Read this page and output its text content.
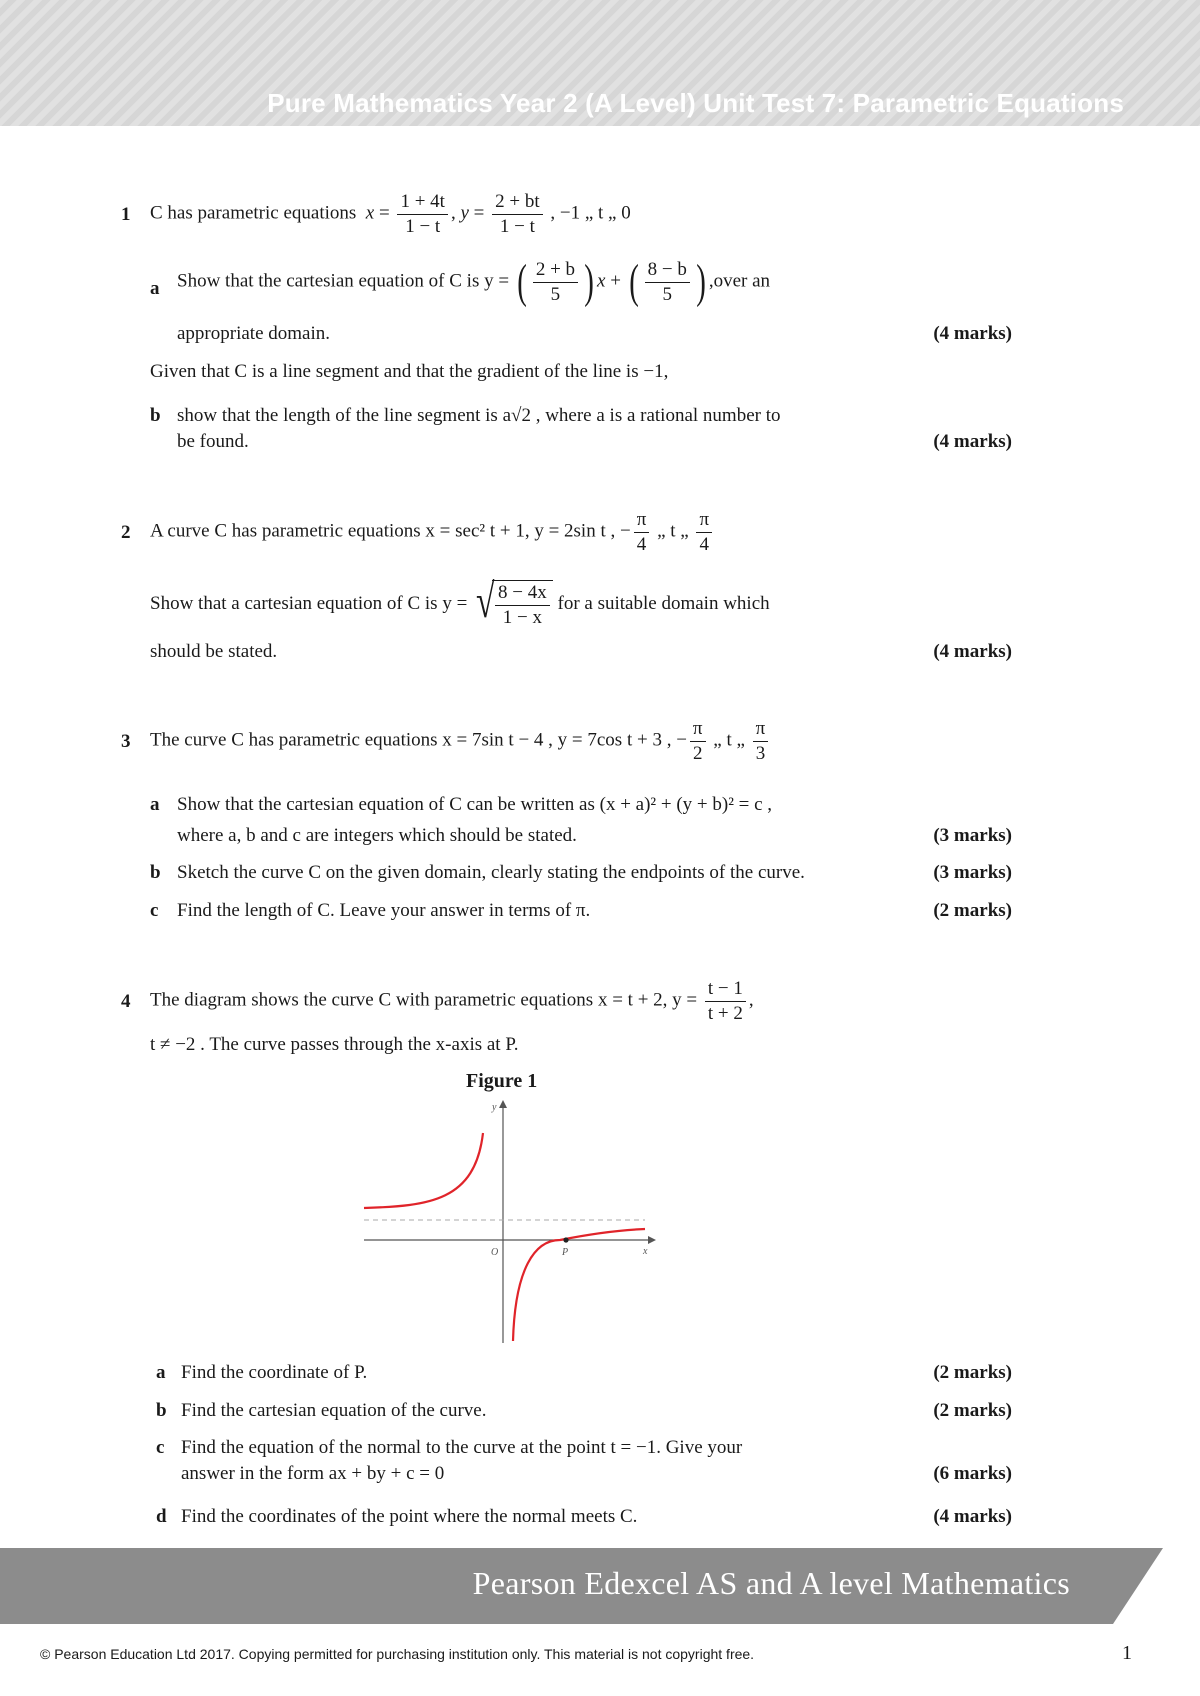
Pure Mathematics Year 2 (A Level) Unit Test 7: Parametric Equations
1 C has parametric equations $x = \frac{1 + 4t}{1 - t}$ , $y = \frac{2 + bt}{1 - t}$ , −1 „ t „ 0
a Show that the cartesian equation of C is y = ( $\frac{2 + b}{5}$ ) x + ( $\frac{8 - b}{5}$ ) ,over an
appropriate domain.	(4 marks)
Given that C is a line segment and that the gradient of the line is −1,
b show that the length of the line segment is a√2 , where a is a rational number to
be found.	(4 marks)
2 A curve C has parametric equations x = sec² t + 1, y = 2sin t , − $\frac{\pi}{4}$ „ t „ $\frac{\pi}{4}$
Show that a cartesian equation of C is y = √ $\frac{8 - 4x}{1 - x}$ for a suitable domain which
should be stated.	(4 marks)
3 The curve C has parametric equations x = 7sin t − 4 , y = 7cos t + 3 , − $\frac{\pi}{2}$ „ t „ $\frac{\pi}{3}$
a Show that the cartesian equation of C can be written as (x + a)² + (y + b)² = c ,
where a, b and c are integers which should be stated.	(3 marks)
b Sketch the curve C on the given domain, clearly stating the endpoints of the curve.	(3 marks)
c Find the length of C. Leave your answer in terms of π.	(2 marks)
4 The diagram shows the curve C with parametric equations x = t + 2, $y = \frac{t - 1}{t + 2}$ ,
t ≠ −2 . The curve passes through the x-axis at P.
Figure 1
y
O	P	x
a Find the coordinate of P.	(2 marks)
b Find the cartesian equation of the curve.	(2 marks)
c Find the equation of the normal to the curve at the point t = −1. Give your
answer in the form ax + by + c = 0	(6 marks)
d Find the coordinates of the point where the normal meets C.	(4 marks)
Pearson Edexcel AS and A level Mathematics
© Pearson Education Ltd 2017. Copying permitted for purchasing institution only. This material is not copyright free.	1
